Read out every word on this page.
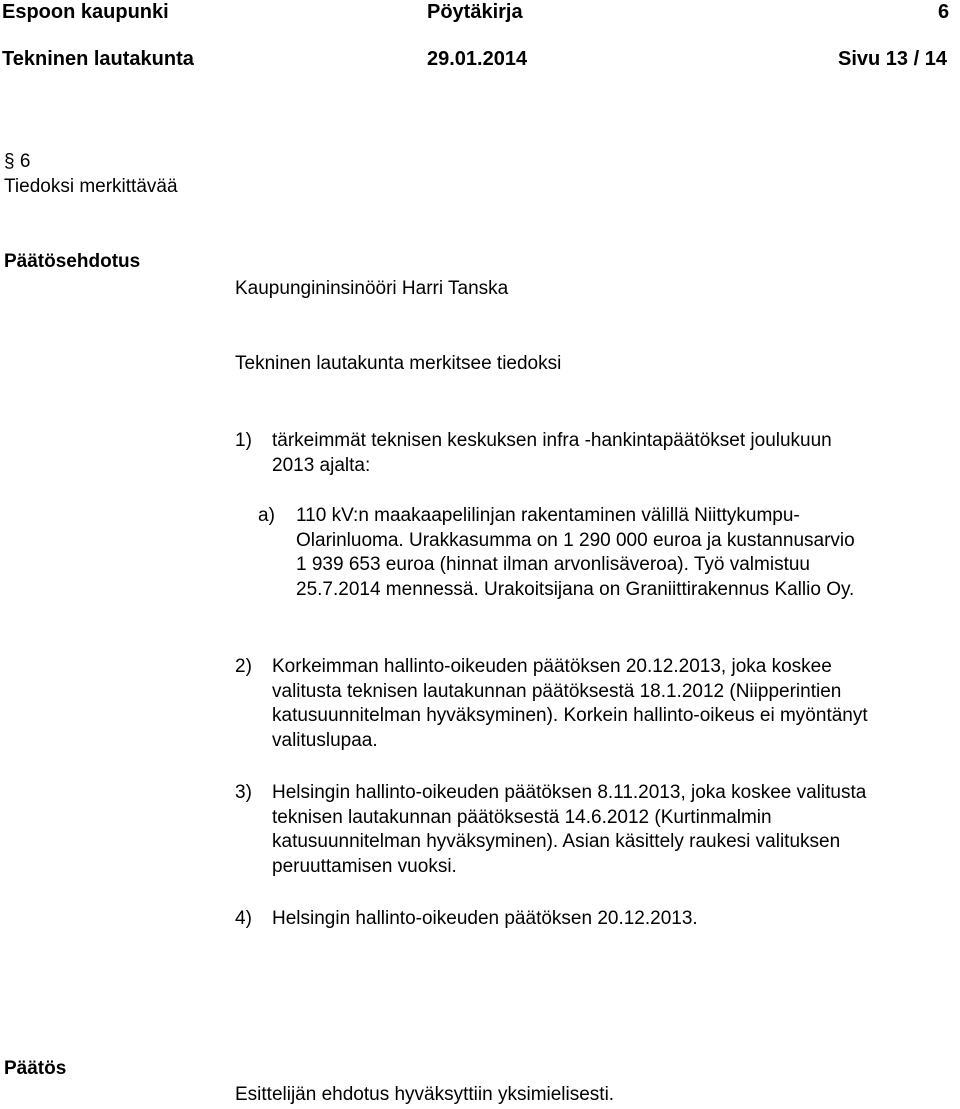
Espoon kaupunki	Pöytäkirja	6
Tekninen lautakunta	29.01.2014	Sivu 13 / 14
§ 6
Tiedoksi merkittävää
Päätösehdotus
Kaupungininsinööri Harri Tanska
Tekninen lautakunta merkitsee tiedoksi
1) tärkeimmät teknisen keskuksen infra -hankintapäätökset joulukuun
2013 ajalta:
a) 110 kV:n maakaapelilinjan rakentaminen välillä Niittykumpu-
Olarinluoma. Urakkasumma on 1 290 000 euroa ja kustannusarvio
1 939 653 euroa (hinnat ilman arvonlisäveroa). Työ valmistuu
25.7.2014 mennessä. Urakoitsijana on Graniittirakennus Kallio Oy.
2) Korkeimman hallinto-oikeuden päätöksen 20.12.2013, joka koskee
valitusta teknisen lautakunnan päätöksestä 18.1.2012 (Niipperintien
katusuunnitelman hyväksyminen). Korkein hallinto-oikeus ei myöntänyt
valituslupaa.
3) Helsingin hallinto-oikeuden päätöksen 8.11.2013, joka koskee valitusta
teknisen lautakunnan päätöksestä 14.6.2012 (Kurtinmalmin
katusuunnitelman hyväksyminen). Asian käsittely raukesi valituksen
peruuttamisen vuoksi.
4) Helsingin hallinto-oikeuden päätöksen 20.12.2013.
Päätös
Esittelijän ehdotus hyväksyttiin yksimielisesti.
